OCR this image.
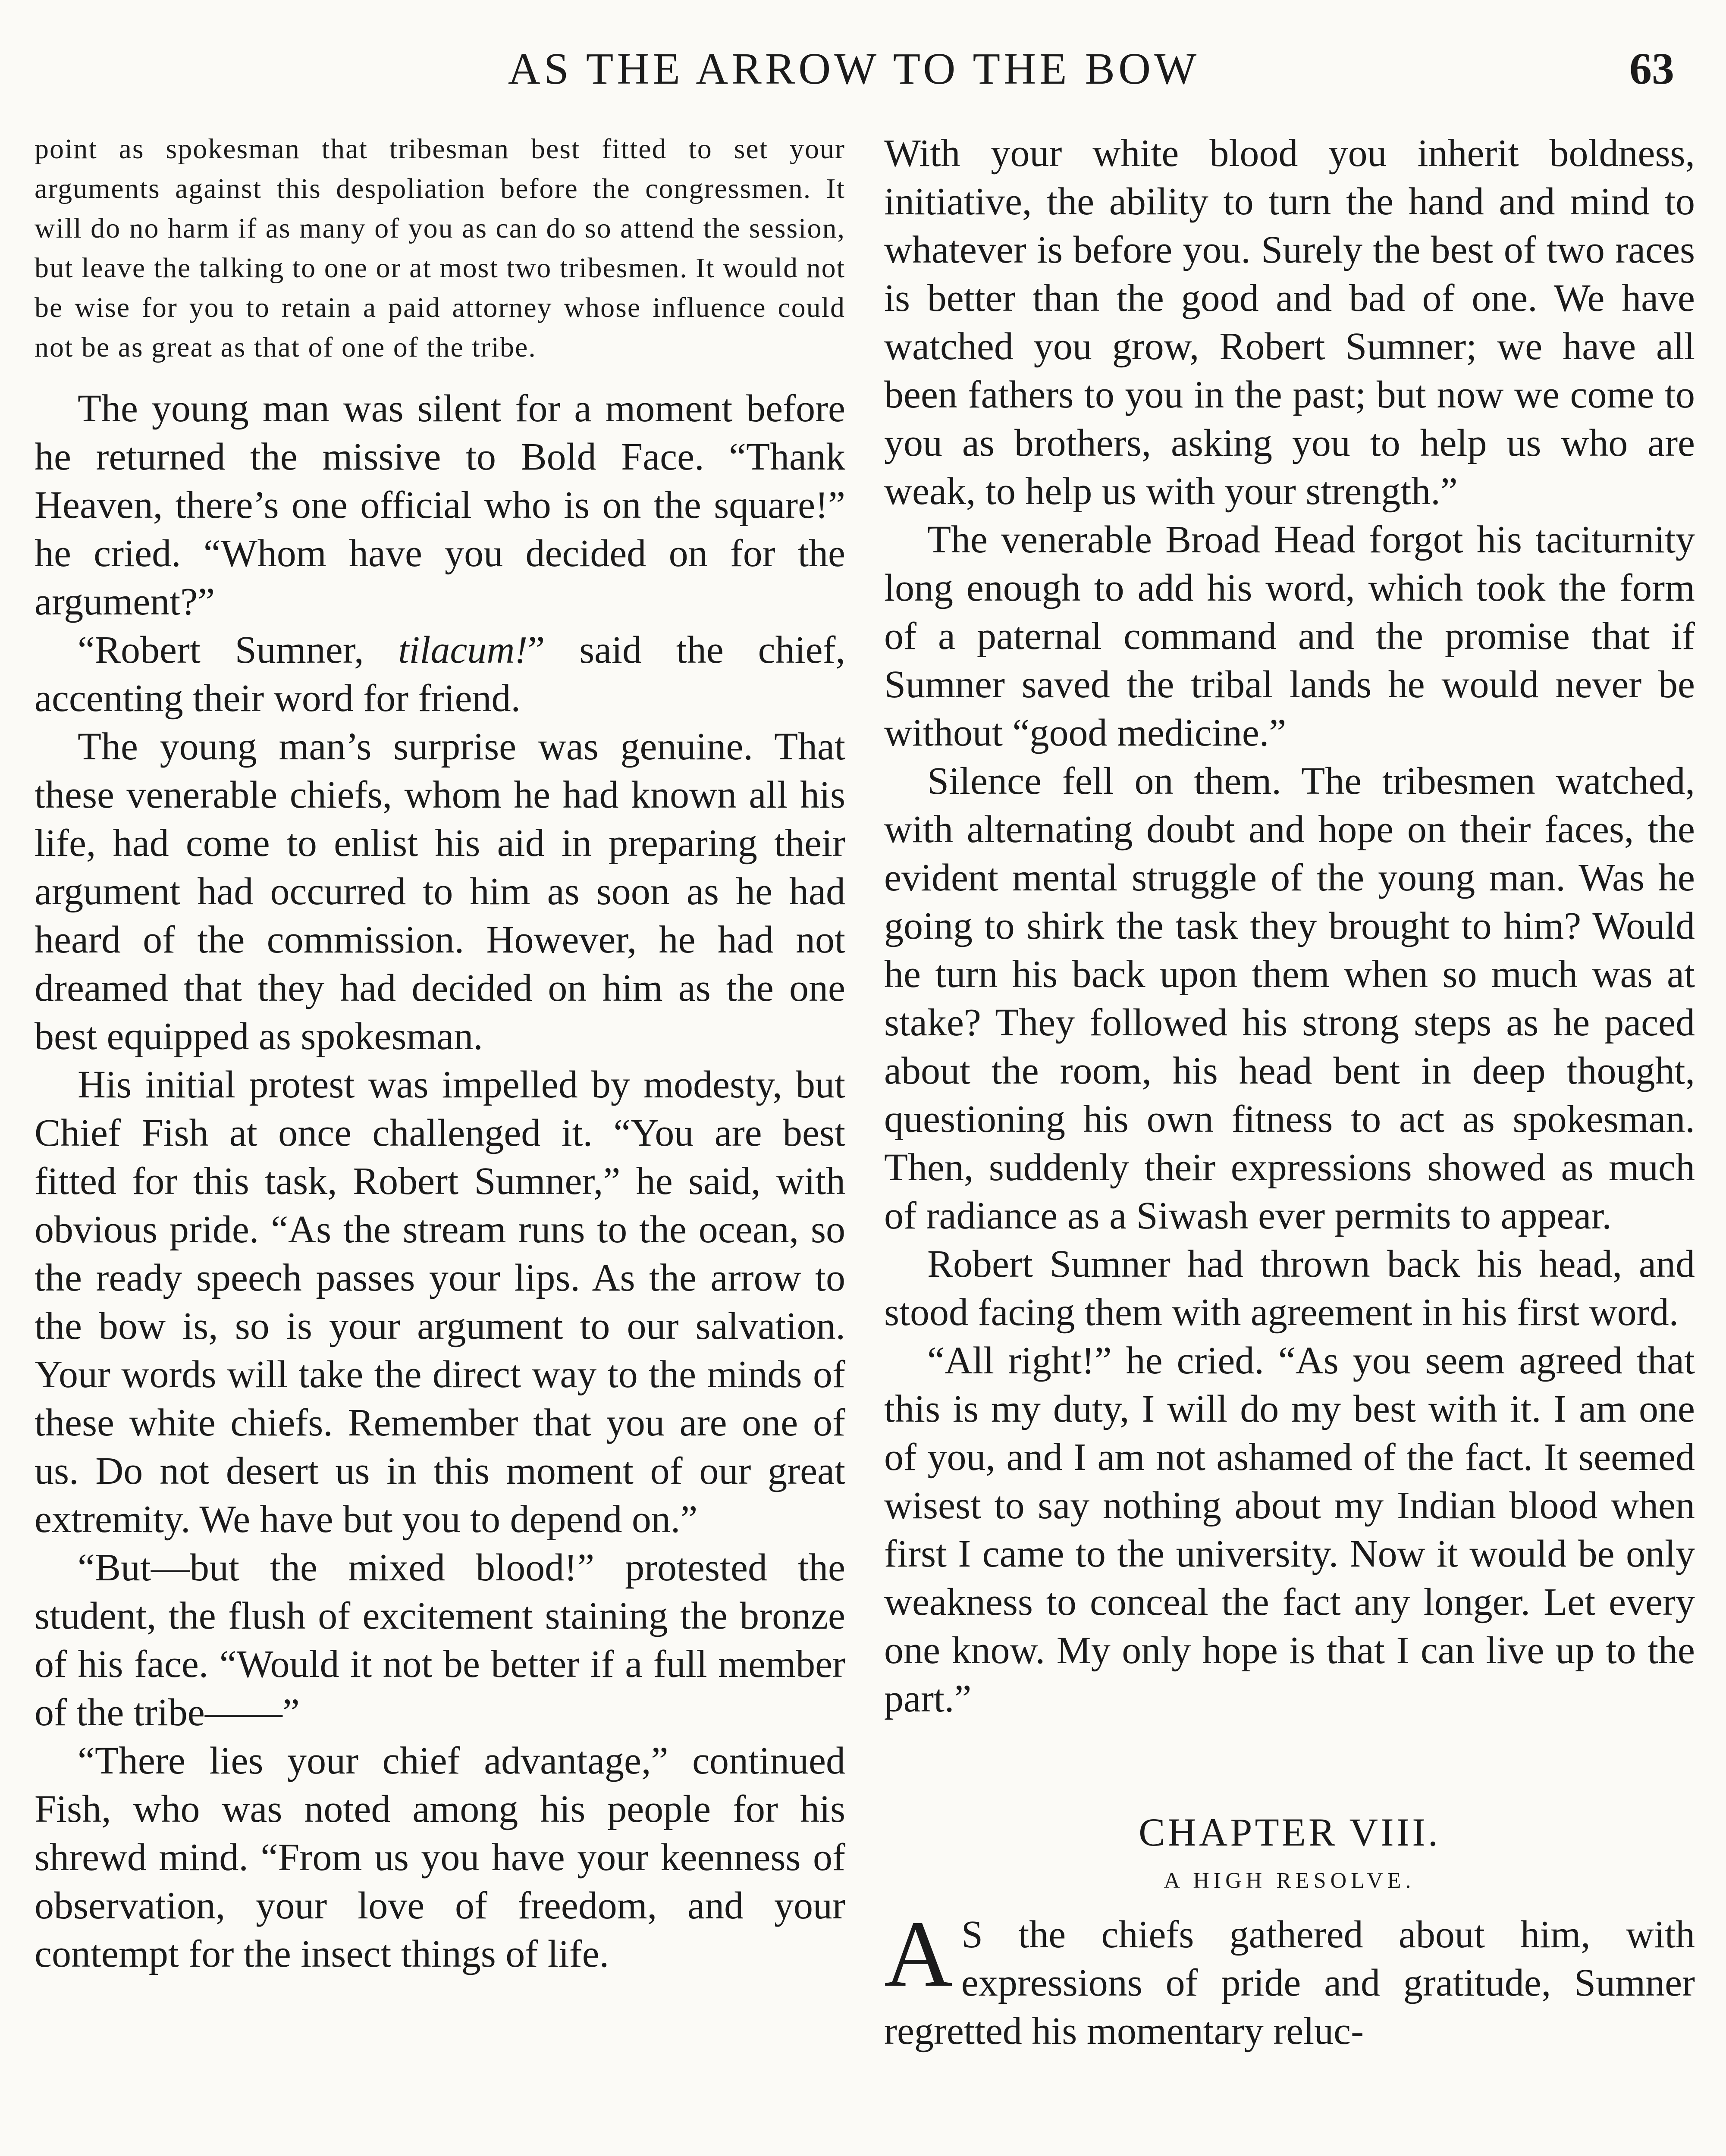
AS THE ARROW TO THE BOW	63

point as spokesman that tribesman best fitted to set your arguments against this despoliation before the congressmen. It will do no harm if as many of you as can do so attend the session, but leave the talking to one or at most two tribesmen. It would not be wise for you to retain a paid attorney whose influence could not be as great as that of one of the tribe.

The young man was silent for a moment before he returned the missive to Bold Face. “Thank Heaven, there’s one official who is on the square!” he cried. “Whom have you decided on for the argument?”

“Robert Sumner, tilacum!” said the chief, accenting their word for friend.

The young man’s surprise was genuine. That these venerable chiefs, whom he had known all his life, had come to enlist his aid in preparing their argument had occurred to him as soon as he had heard of the commission. However, he had not dreamed that they had decided on him as the one best equipped as spokesman.

His initial protest was impelled by modesty, but Chief Fish at once challenged it. “You are best fitted for this task, Robert Sumner,” he said, with obvious pride. “As the stream runs to the ocean, so the ready speech passes your lips. As the arrow to the bow is, so is your argument to our salvation. Your words will take the direct way to the minds of these white chiefs. Remember that you are one of us. Do not desert us in this moment of our great extremity. We have but you to depend on.”

“But—but the mixed blood!” protested the student, the flush of excitement staining the bronze of his face. “Would it not be better if a full member of the tribe——”

“There lies your chief advantage,” continued Fish, who was noted among his people for his shrewd mind. “From us you have your keenness of observation, your love of freedom, and your contempt for the insect things of life.

With your white blood you inherit boldness, initiative, the ability to turn the hand and mind to whatever is before you. Surely the best of two races is better than the good and bad of one. We have watched you grow, Robert Sumner; we have all been fathers to you in the past; but now we come to you as brothers, asking you to help us who are weak, to help us with your strength.”

The venerable Broad Head forgot his taciturnity long enough to add his word, which took the form of a paternal command and the promise that if Sumner saved the tribal lands he would never be without “good medicine.”

Silence fell on them. The tribesmen watched, with alternating doubt and hope on their faces, the evident mental struggle of the young man. Was he going to shirk the task they brought to him? Would he turn his back upon them when so much was at stake? They followed his strong steps as he paced about the room, his head bent in deep thought, questioning his own fitness to act as spokesman. Then, suddenly their expressions showed as much of radiance as a Siwash ever permits to appear.

Robert Sumner had thrown back his head, and stood facing them with agreement in his first word.

“All right!” he cried. “As you seem agreed that this is my duty, I will do my best with it. I am one of you, and I am not ashamed of the fact. It seemed wisest to say nothing about my Indian blood when first I came to the university. Now it would be only weakness to conceal the fact any longer. Let every one know. My only hope is that I can live up to the part.”

CHAPTER VIII.
A HIGH RESOLVE.
A S the chiefs gathered about him, with expressions of pride and gratitude, Sumner regretted his momentary reluc-
